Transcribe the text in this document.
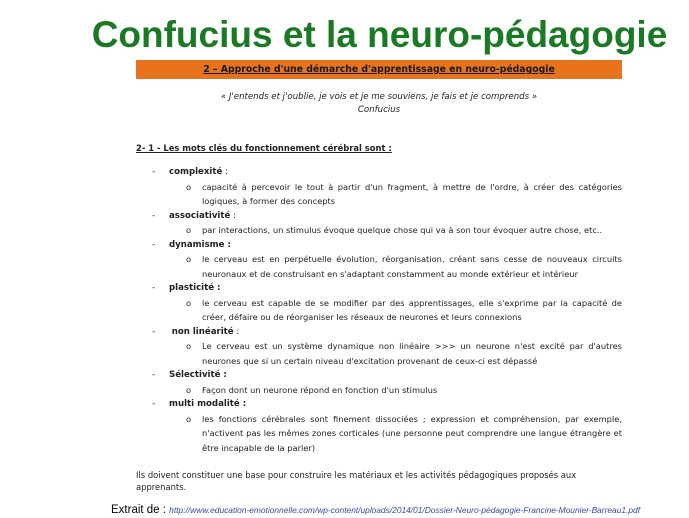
Confucius et la neuro-pédagogie
2 – Approche d'une démarche d'apprentissage en neuro-pédagogie
« J'entends et j'oublie, je vois et je me souviens, je fais et je comprends »
Confucius
2- 1 - Les mots clés du fonctionnement cérébral sont :
- complexité :
o capacité à percevoir le tout à partir d'un fragment, à mettre de l'ordre, à créer des catégories logiques, à former des concepts
- associativité :
o par interactions, un stimulus évoque quelque chose qui va à son tour évoquer autre chose, etc..
- dynamisme :
o le cerveau est en perpétuelle évolution, réorganisation, créant sans cesse de nouveaux circuits neuronaux et de construisant en s'adaptant constamment au monde extérieur et intérieur
- plasticité :
o le cerveau est capable de se modifier par des apprentissages, elle s'exprime par la capacité de créer, défaire ou de réorganiser les réseaux de neurones et leurs connexions
- non linéarité :
o Le cerveau est un système dynamique non linéaire >>> un neurone n'est excité par d'autres neurones que si un certain niveau d'excitation provenant de ceux-ci est dépassé
- Sélectivité :
o Façon dont un neurone répond en fonction d'un stimulus
- multi modalité :
o les fonctions cérébrales sont finement dissociées ; expression et compréhension, par exemple, n'activent pas les mêmes zones corticales (une personne peut comprendre une langue étrangère et être incapable de la parler)
Ils doivent constituer une base pour construire les matériaux et les activités pédagogiques proposés aux apprenants.
Extrait de : http://www.education-emotionnelle.com/wp-content/uploads/2014/01/Dossier-Neuro-pédagogie-Francine-Mounier-Barreau1.pdf
